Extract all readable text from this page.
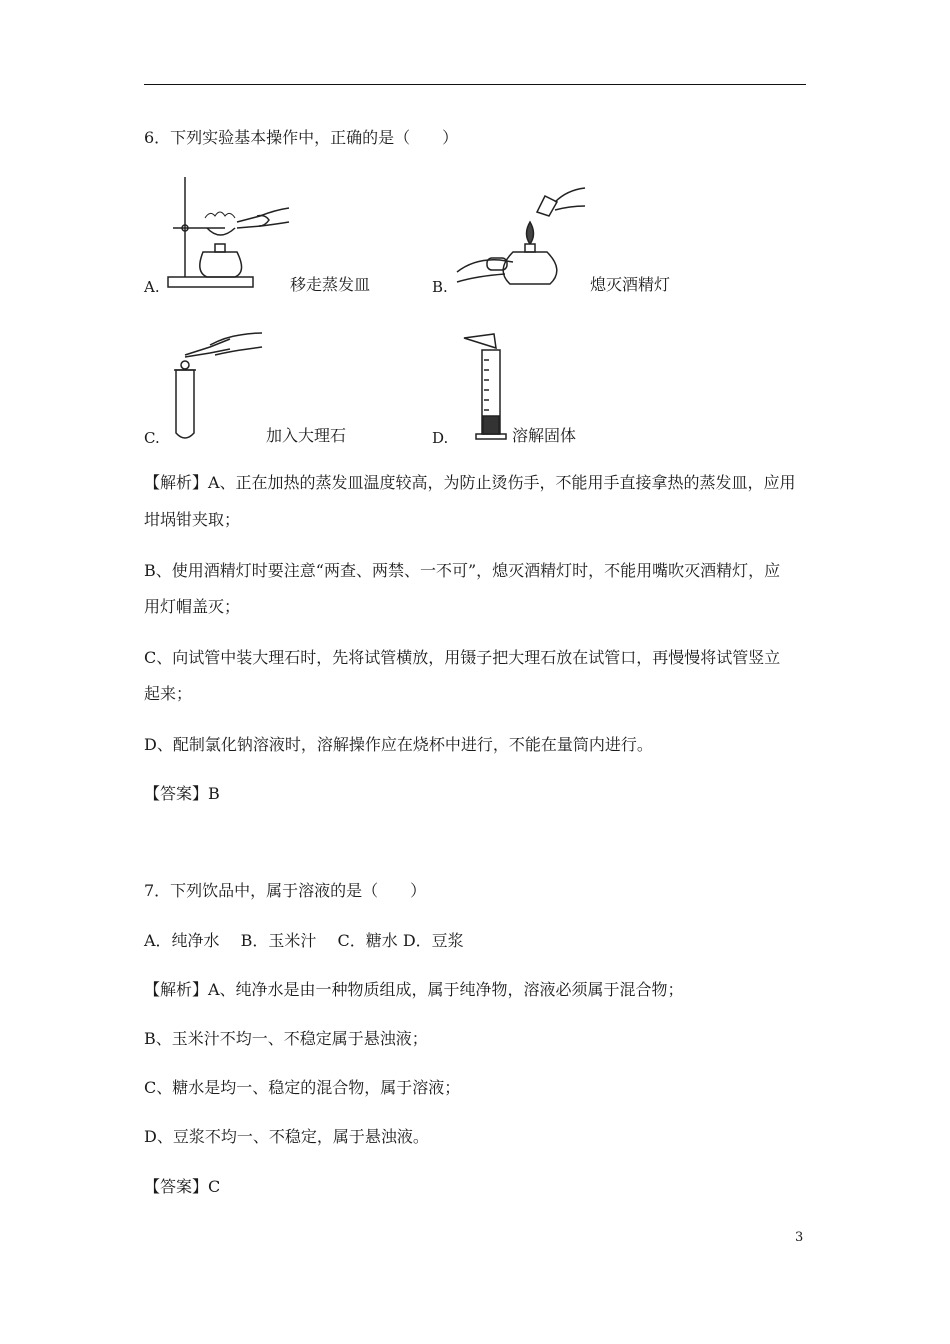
6．下列实验基本操作中，正确的是（　　）
A.	移走蒸发皿	B.	熄灭酒精灯
C.	加入大理石	D.	溶解固体
【解析】A、正在加热的蒸发皿温度较高，为防止烫伤手，不能用手直接拿热的蒸发皿，应用
坩埚钳夹取；
B、使用酒精灯时要注意“两查、两禁、一不可”，熄灭酒精灯时，不能用嘴吹灭酒精灯，应
用灯帽盖灭；
C、向试管中装大理石时，先将试管横放，用镊子把大理石放在试管口，再慢慢将试管竖立
起来；
D、配制氯化钠溶液时，溶解操作应在烧杯中进行，不能在量筒内进行。
【答案】B
7．下列饮品中，属于溶液的是（　　）
A．纯净水　 B．玉米汁　 C．糖水 D．豆浆
【解析】A、纯净水是由一种物质组成，属于纯净物，溶液必须属于混合物；
B、玉米汁不均一、不稳定属于悬浊液；
C、糖水是均一、稳定的混合物，属于溶液；
D、豆浆不均一、不稳定，属于悬浊液。
【答案】C
3
